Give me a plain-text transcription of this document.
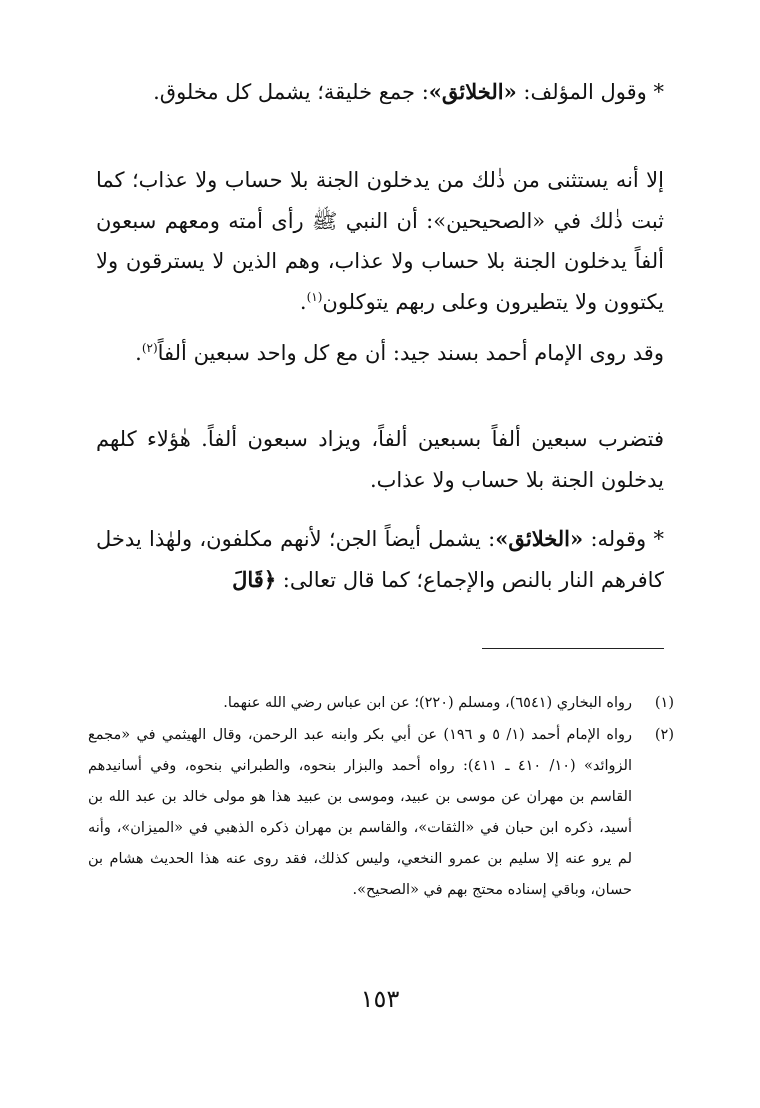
* وقول المؤلف: «الخلائق»: جمع خليقة؛ يشمل كل مخلوق.

إلا أنه يستثنى من ذٰلك من يدخلون الجنة بلا حساب ولا عذاب؛ كما ثبت ذٰلك في «الصحيحين»: أن النبي ﷺ رأى أمته ومعهم سبعون ألفاً يدخلون الجنة بلا حساب ولا عذاب، وهم الذين لا يسترقون ولا يكتوون ولا يتطيرون وعلى ربهم يتوكلون$^{(١)}$.

وقد روى الإمام أحمد بسند جيد: أن مع كل واحد سبعين ألفاً$^{(٢)}$.

فتضرب سبعين ألفاً بسبعين ألفاً، ويزاد سبعون ألفاً. هٰؤلاء كلهم يدخلون الجنة بلا حساب ولا عذاب.

* وقوله: «الخلائق»: يشمل أيضاً الجن؛ لأنهم مكلفون، ولهٰذا يدخل كافرهم النار بالنص والإجماع؛ كما قال تعالى: ﴿قَالَ

(١)
رواه البخاري (٦٥٤١)، ومسلم (٢٢٠)؛ عن ابن عباس رضي الله عنهما.
(٢)
رواه الإمام أحمد (١/ ٥ و ١٩٦) عن أبي بكر وابنه عبد الرحمن، وقال الهيثمي في «مجمع الزوائد» (١٠/ ٤١٠ ـ ٤١١): رواه أحمد والبزار بنحوه، والطبراني بنحوه، وفي أسانيدهم القاسم بن مهران عن موسى بن عبيد، وموسى بن عبيد هذا هو مولى خالد بن عبد الله بن أسيد، ذكره ابن حبان في «الثقات»، والقاسم بن مهران ذكره الذهبي في «الميزان»، وأنه لم يرو عنه إلا سليم بن عمرو النخعي، وليس كذلك، فقد روى عنه هذا الحديث هشام بن حسان، وباقي إسناده محتج بهم في «الصحيح».
١٥٣
